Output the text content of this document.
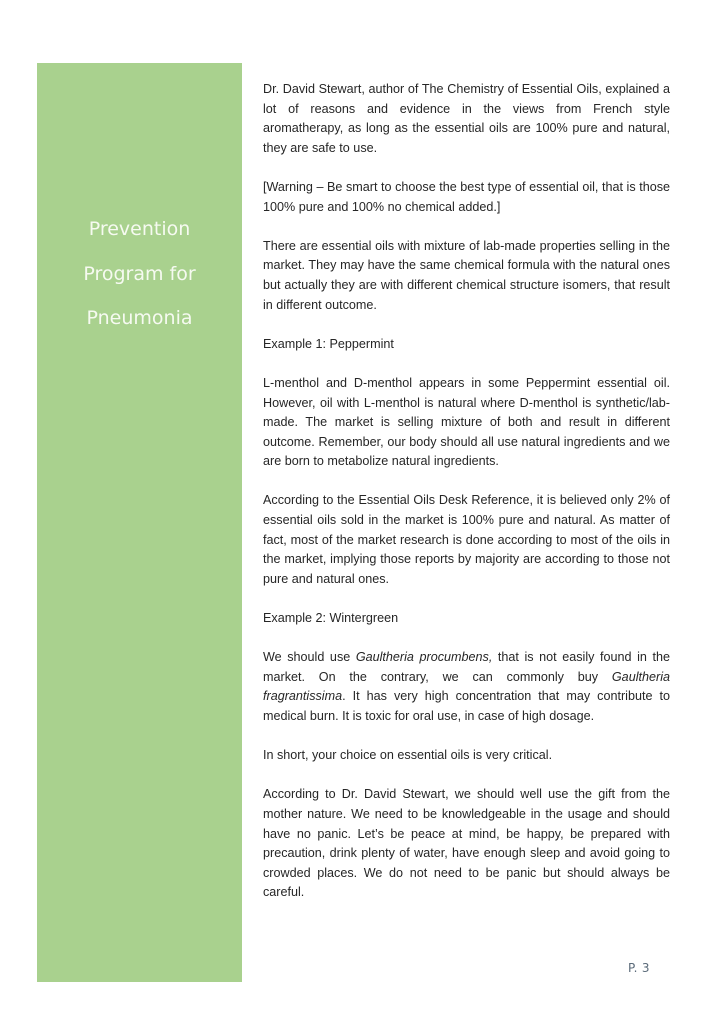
Prevention
Program for
Pneumonia

Dr. David Stewart, author of The Chemistry of Essential Oils, explained a lot of reasons and evidence in the views from French style aromatherapy, as long as the essential oils are 100% pure and natural, they are safe to use.

[Warning – Be smart to choose the best type of essential oil, that is those 100% pure and 100% no chemical added.]

There are essential oils with mixture of lab-made properties selling in the market. They may have the same chemical formula with the natural ones but actually they are with different chemical structure isomers, that result in different outcome.

Example 1: Peppermint

L-menthol and D-menthol appears in some Peppermint essential oil. However, oil with L-menthol is natural where D-menthol is synthetic/lab-made. The market is selling mixture of both and result in different outcome. Remember, our body should all use natural ingredients and we are born to metabolize natural ingredients.

According to the Essential Oils Desk Reference, it is believed only 2% of essential oils sold in the market is 100% pure and natural. As matter of fact, most of the market research is done according to most of the oils in the market, implying those reports by majority are according to those not pure and natural ones.

Example 2: Wintergreen

We should use Gaultheria procumbens, that is not easily found in the market. On the contrary, we can commonly buy Gaultheria fragrantissima. It has very high concentration that may contribute to medical burn. It is toxic for oral use, in case of high dosage.

In short, your choice on essential oils is very critical.

According to Dr. David Stewart, we should well use the gift from the mother nature. We need to be knowledgeable in the usage and should have no panic. Let’s be peace at mind, be happy, be prepared with precaution, drink plenty of water, have enough sleep and avoid going to crowded places. We do not need to be panic but should always be careful.

P. 3
